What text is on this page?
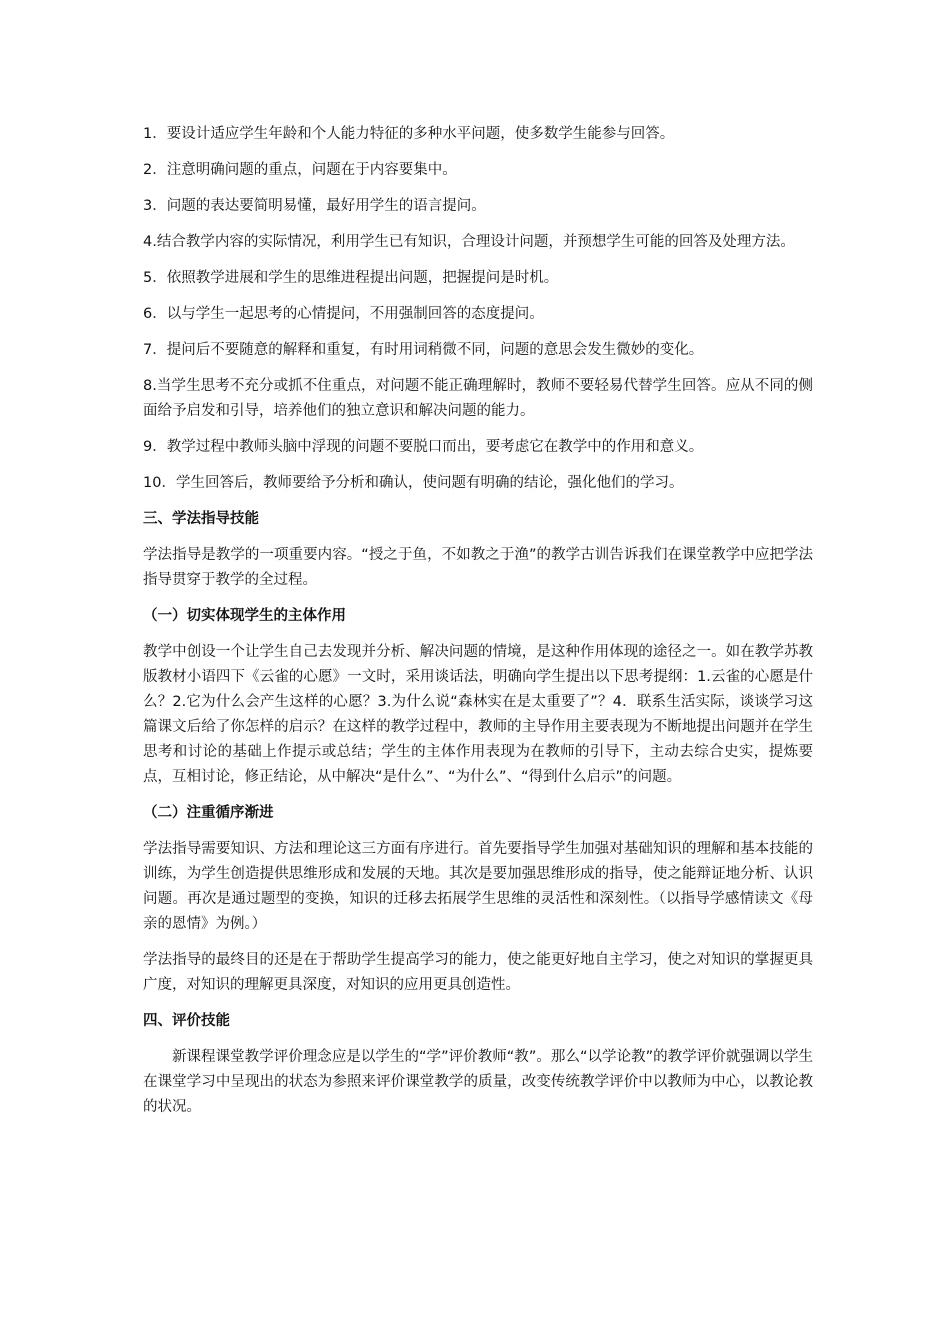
1．要设计适应学生年龄和个人能力特征的多种水平问题，使多数学生能参与回答。

2．注意明确问题的重点，问题在于内容要集中。

3．问题的表达要简明易懂，最好用学生的语言提问。

4.结合教学内容的实际情况，利用学生已有知识，合理设计问题，并预想学生可能的回答及处理方法。

5．依照教学进展和学生的思维进程提出问题，把握提问是时机。

6．以与学生一起思考的心情提问，不用强制回答的态度提问。

7．提问后不要随意的解释和重复，有时用词稍微不同，问题的意思会发生微妙的变化。

8.当学生思考不充分或抓不住重点，对问题不能正确理解时，教师不要轻易代替学生回答。应从不同的侧面给予启发和引导，培养他们的独立意识和解决问题的能力。

9．教学过程中教师头脑中浮现的问题不要脱口而出，要考虑它在教学中的作用和意义。

10．学生回答后，教师要给予分析和确认，使问题有明确的结论，强化他们的学习。

三、学法指导技能

学法指导是教学的一项重要内容。“授之于鱼，不如教之于渔”的教学古训告诉我们在课堂教学中应把学法指导贯穿于教学的全过程。

（一）切实体现学生的主体作用

教学中创设一个让学生自己去发现并分析、解决问题的情境，是这种作用体现的途径之一。如在教学苏教版教材小语四下《云雀的心愿》一文时，采用谈话法，明确向学生提出以下思考提纲：1.云雀的心愿是什么？2.它为什么会产生这样的心愿？3.为什么说“森林实在是太重要了”？4．联系生活实际，谈谈学习这篇课文后给了你怎样的启示？在这样的教学过程中，教师的主导作用主要表现为不断地提出问题并在学生思考和讨论的基础上作提示或总结；学生的主体作用表现为在教师的引导下，主动去综合史实，提炼要点，互相讨论，修正结论，从中解决“是什么”、“为什么”、“得到什么启示”的问题。

（二）注重循序渐进

学法指导需要知识、方法和理论这三方面有序进行。首先要指导学生加强对基础知识的理解和基本技能的训练，为学生创造提供思维形成和发展的天地。其次是要加强思维形成的指导，使之能辩证地分析、认识问题。再次是通过题型的变换，知识的迁移去拓展学生思维的灵活性和深刻性。（以指导学感情读文《母亲的恩情》为例。）

学法指导的最终目的还是在于帮助学生提高学习的能力，使之能更好地自主学习，使之对知识的掌握更具广度，对知识的理解更具深度，对知识的应用更具创造性。

四、评价技能

新课程课堂教学评价理念应是以学生的“学”评价教师“教”。那么“以学论教”的教学评价就强调以学生在课堂学习中呈现出的状态为参照来评价课堂教学的质量，改变传统教学评价中以教师为中心，以教论教的状况。
